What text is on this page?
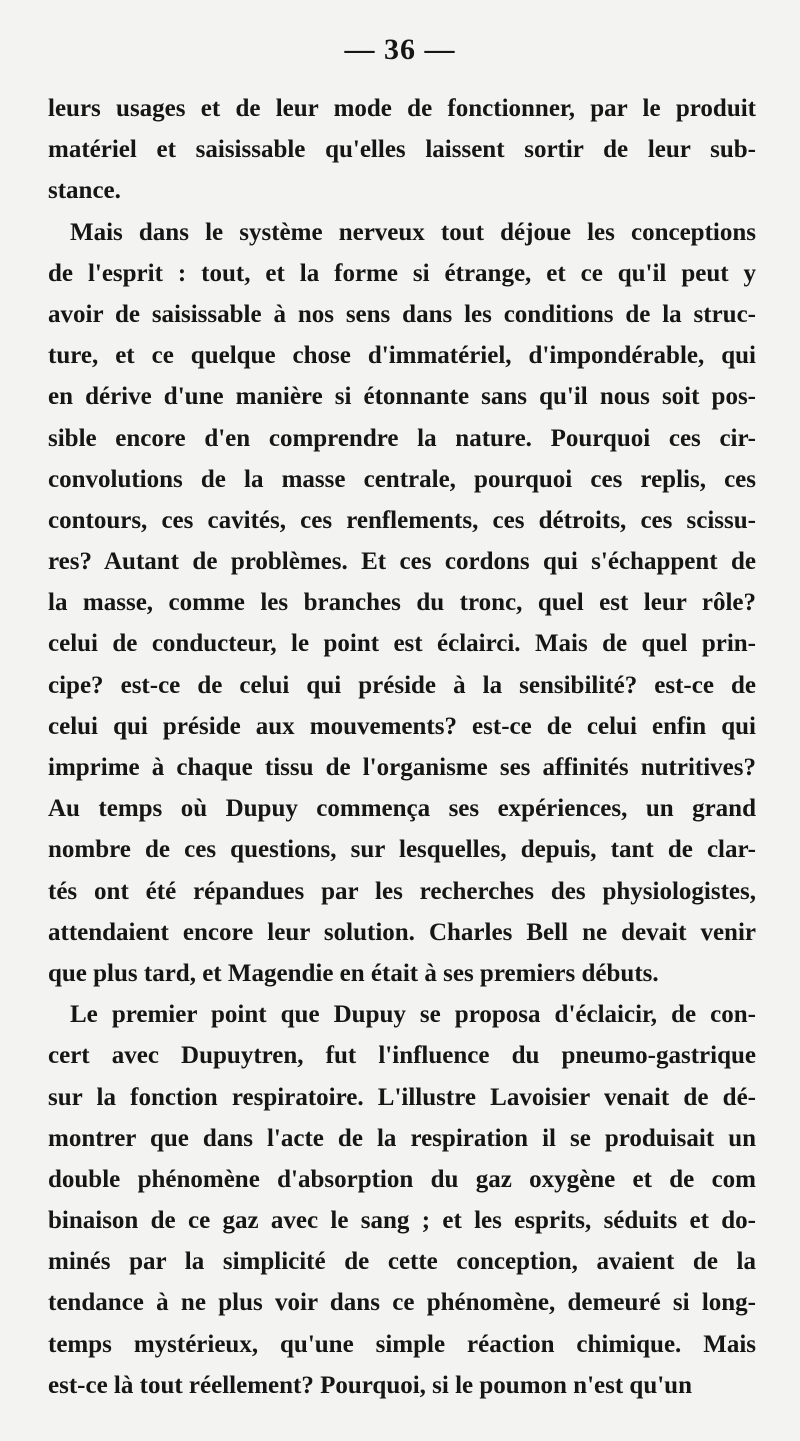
— 36 —
leurs usages et de leur mode de fonctionner, par le produit
matériel et saisissable qu'elles laissent sortir de leur sub-
stance.
Mais dans le système nerveux tout déjoue les conceptions
de l'esprit : tout, et la forme si étrange, et ce qu'il peut y
avoir de saisissable à nos sens dans les conditions de la struc-
ture, et ce quelque chose d'immatériel, d'impondérable, qui
en dérive d'une manière si étonnante sans qu'il nous soit pos-
sible encore d'en comprendre la nature. Pourquoi ces cir-
convolutions de la masse centrale, pourquoi ces replis, ces
contours, ces cavités, ces renflements, ces détroits, ces scissu-
res? Autant de problèmes. Et ces cordons qui s'échappent de
la masse, comme les branches du tronc, quel est leur rôle?
celui de conducteur, le point est éclairci. Mais de quel prin-
cipe? est-ce de celui qui préside à la sensibilité? est-ce de
celui qui préside aux mouvements? est-ce de celui enfin qui
imprime à chaque tissu de l'organisme ses affinités nutritives?
Au temps où Dupuy commença ses expériences, un grand
nombre de ces questions, sur lesquelles, depuis, tant de clar-
tés ont été répandues par les recherches des physiologistes,
attendaient encore leur solution. Charles Bell ne devait venir
que plus tard, et Magendie en était à ses premiers débuts.
Le premier point que Dupuy se proposa d'éclaicir, de con-
cert avec Dupuytren, fut l'influence du pneumo-gastrique
sur la fonction respiratoire. L'illustre Lavoisier venait de dé-
montrer que dans l'acte de la respiration il se produisait un
double phénomène d'absorption du gaz oxygène et de com
binaison de ce gaz avec le sang ; et les esprits, séduits et do-
minés par la simplicité de cette conception, avaient de la
tendance à ne plus voir dans ce phénomène, demeuré si long-
temps mystérieux, qu'une simple réaction chimique. Mais
est-ce là tout réellement? Pourquoi, si le poumon n'est qu'un
